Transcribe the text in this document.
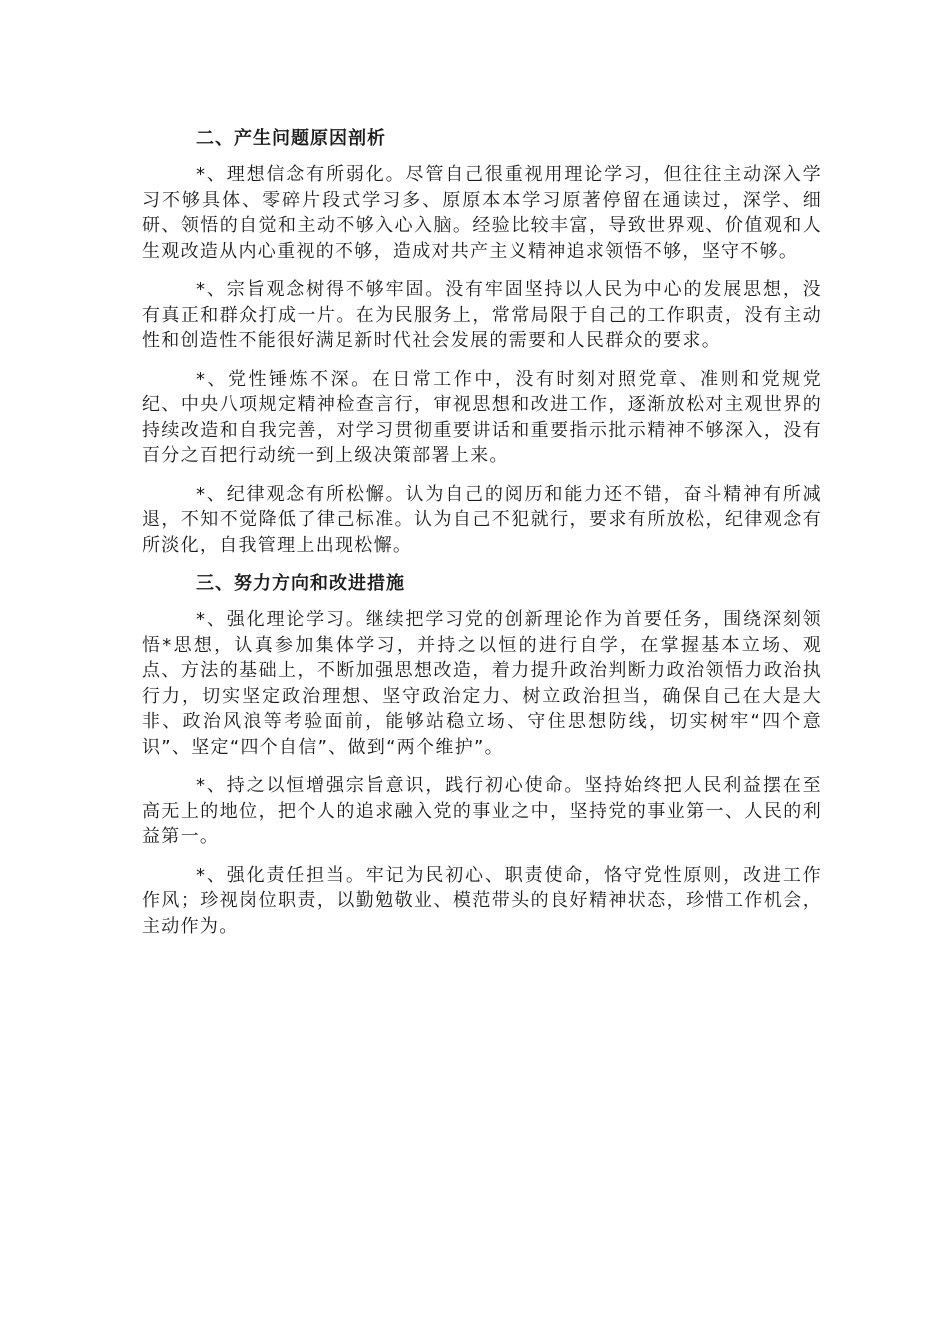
二、产生问题原因剖析

*、理想信念有所弱化。尽管自己很重视用理论学习，但往往主动深入学习不够具体、零碎片段式学习多、原原本本学习原著停留在通读过，深学、细研、领悟的自觉和主动不够入心入脑。经验比较丰富，导致世界观、价值观和人生观改造从内心重视的不够，造成对共产主义精神追求领悟不够，坚守不够。

*、宗旨观念树得不够牢固。没有牢固坚持以人民为中心的发展思想，没有真正和群众打成一片。在为民服务上，常常局限于自己的工作职责，没有主动性和创造性不能很好满足新时代社会发展的需要和人民群众的要求。

*、党性锤炼不深。在日常工作中，没有时刻对照党章、准则和党规党纪、中央八项规定精神检查言行，审视思想和改进工作，逐渐放松对主观世界的持续改造和自我完善，对学习贯彻重要讲话和重要指示批示精神不够深入，没有百分之百把行动统一到上级决策部署上来。

*、纪律观念有所松懈。认为自己的阅历和能力还不错，奋斗精神有所减退，不知不觉降低了律己标准。认为自己不犯就行，要求有所放松，纪律观念有所淡化，自我管理上出现松懈。

三、努力方向和改进措施

*、强化理论学习。继续把学习党的创新理论作为首要任务，围绕深刻领悟*思想，认真参加集体学习，并持之以恒的进行自学，在掌握基本立场、观点、方法的基础上，不断加强思想改造，着力提升政治判断力政治领悟力政治执行力，切实坚定政治理想、坚守政治定力、树立政治担当，确保自己在大是大非、政治风浪等考验面前，能够站稳立场、守住思想防线，切实树牢“四个意识”、坚定“四个自信”、做到“两个维护”。

*、持之以恒增强宗旨意识，践行初心使命。坚持始终把人民利益摆在至高无上的地位，把个人的追求融入党的事业之中，坚持党的事业第一、人民的利益第一。

*、强化责任担当。牢记为民初心、职责使命，恪守党性原则，改进工作作风；珍视岗位职责，以勤勉敬业、模范带头的良好精神状态，珍惜工作机会，主动作为。
